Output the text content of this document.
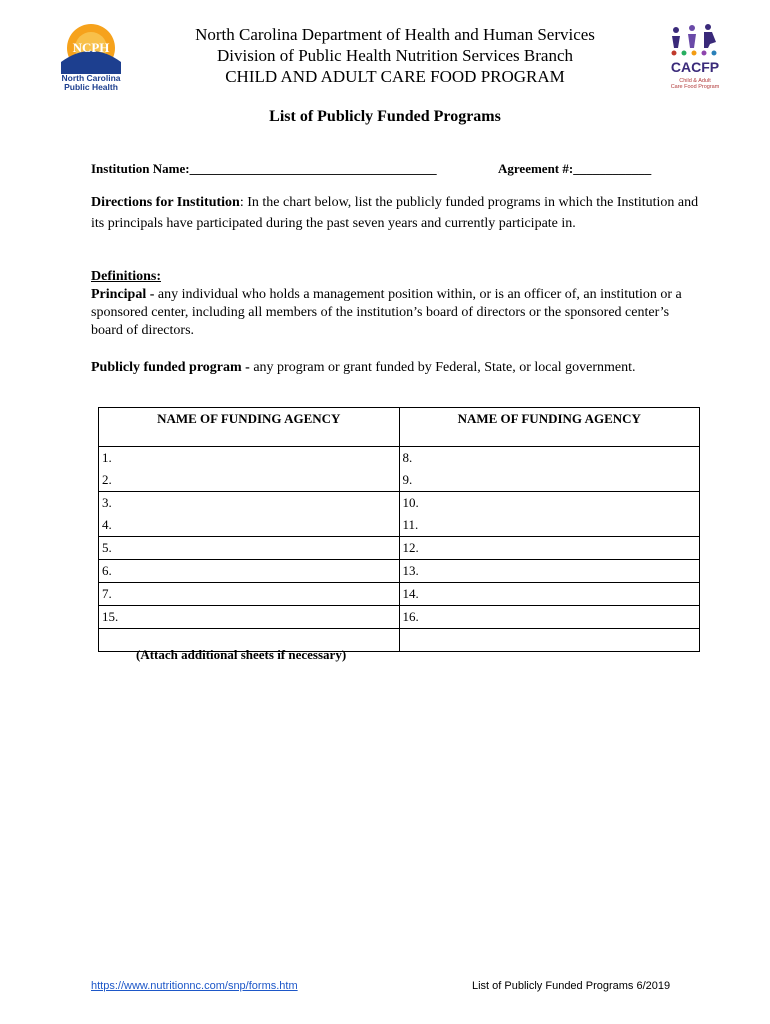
NCPH
North Carolina
Public Health
CACFP
Child & Adult
Care Food Program
North Carolina Department of Health and Human Services
Division of Public Health Nutrition Services Branch
CHILD AND ADULT CARE FOOD PROGRAM
List of Publicly Funded Programs
Institution Name:______________________________________	Agreement #:____________
Directions for Institution: In the chart below, list the publicly funded programs in which the Institution and its principals have participated during the past seven years and currently participate in.
Definitions:
Principal - any individual who holds a management position within, or is an officer of, an institution or a sponsored center, including all members of the institution’s board of directors or the sponsored center’s board of directors.
Publicly funded program - any program or grant funded by Federal, State, or local government.
NAME OF FUNDING AGENCY	NAME OF FUNDING AGENCY
1.	8.
2.	9.
3.	10.
4.	11.
5.	12.
6.	13.
7.	14.
15.	16.

(Attach additional sheets if necessary)
https://www.nutritionnc.com/snp/forms.htm	List of Publicly Funded Programs 6/2019
